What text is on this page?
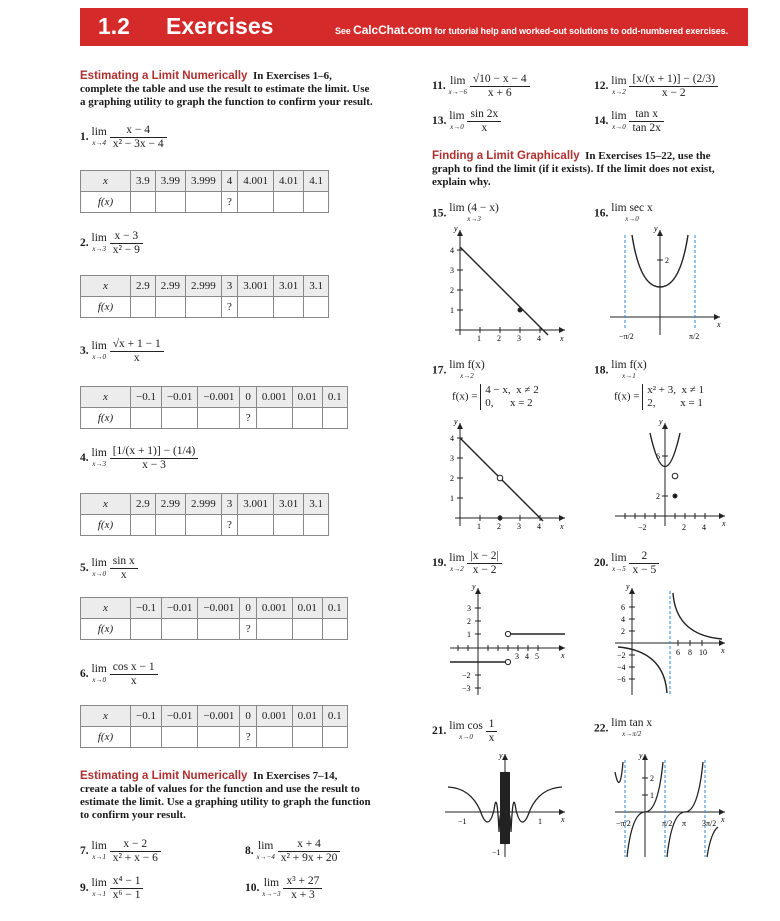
1.2 Exercises	See CalcChat.com for tutorial help and worked-out solutions to odd-numbered exercises.
Estimating a Limit Numerically In Exercises 1–6,
complete the table and use the result to estimate the limit. Use
a graphing utility to graph the function to confirm your result.
1. lim
x→4
$\frac{x - 4}{\text{x² − 3x − 4}}$
x	3.9	3.99	3.999	4	4.001	4.01	4.1
f(x)				?			
2. lim
x→3
$\frac{x - 3}{\text{x² − 9}}$
x	2.9	2.99	2.999	3	3.001	3.01	3.1
f(x)				?			
3. lim
x→0
$\frac{√x + 1 - 1}{x}$
x	−0.1	−0.01	−0.001	0	0.001	0.01	0.1
f(x)				?			
4. lim
x→3
$\frac{[1/(x + 1)] - (1/4)}{x - 3}$
x	2.9	2.99	2.999	3	3.001	3.01	3.1
f(x)				?			
5. lim
x→0
$\frac{\text{sin x}}{x}$
x	−0.1	−0.01	−0.001	0	0.001	0.01	0.1
f(x)				?			
6. lim
x→0
$\frac{\text{cos x − 1}}{x}$
x	−0.1	−0.01	−0.001	0	0.001	0.01	0.1
f(x)				?			
Estimating a Limit Numerically In Exercises 7–14,
create a table of values for the function and use the result to
estimate the limit. Use a graphing utility to graph the function
to confirm your result.
7. lim
x→1
$\frac{x - 2}{\text{x² + x − 6}}$	8. lim
x→−4
$\frac{x + 4}{\text{x² + 9x + 20}}$
9. lim
x→1
$\frac{\text{x⁴ − 1}}{\text{x⁶ − 1}}$	10. lim
x→−3
$\frac{\text{x³ + 27}}{x + 3}$
11. lim
x→−6
$\frac{√10 - x - 4}{x + 6}$	12. lim
x→2
$\frac{[x/(x + 1)] - (2/3)}{x - 2}$
13. lim
x→0
$\frac{\sin 2x}{x}$	14. lim
x→0
$\frac{\text{tan x}}{\tan 2x}$
Finding a Limit Graphically In Exercises 15–22, use the
graph to find the limit (if it exists). If the limit does not exist,
explain why.
15. lim (4 − x)
x→3
x
y
1 2 3 4
4
3
2
1
16. lim sec x
x→0
x
y
2
−π/2	π/2
17. lim f(x)
x→2
f(x) = 4 − x, x ≠ 2
0, x = 2
x
y
1 2 3 4
4
3
2
1
18. lim f(x)
x→1
f(x) = x² + 3, x ≠ 1
2, x = 1
x
y
−2	2 4
6
2
19. lim
x→2
$\frac{|x - 2|}{x - 2}$
x
y
3
2
1
−2
−3
3 4 5
20. lim
x→5
$\frac{2}{x - 5}$
x
y
6
4
2
−2
−4
−6
6 8 10
21. lim cos
x→0
	$\frac{1}{x}$
x
y
−1	1
−1
22. lim tan x
x→π/2
x
y
2
1
−π/2	π/2 π 3π/2
